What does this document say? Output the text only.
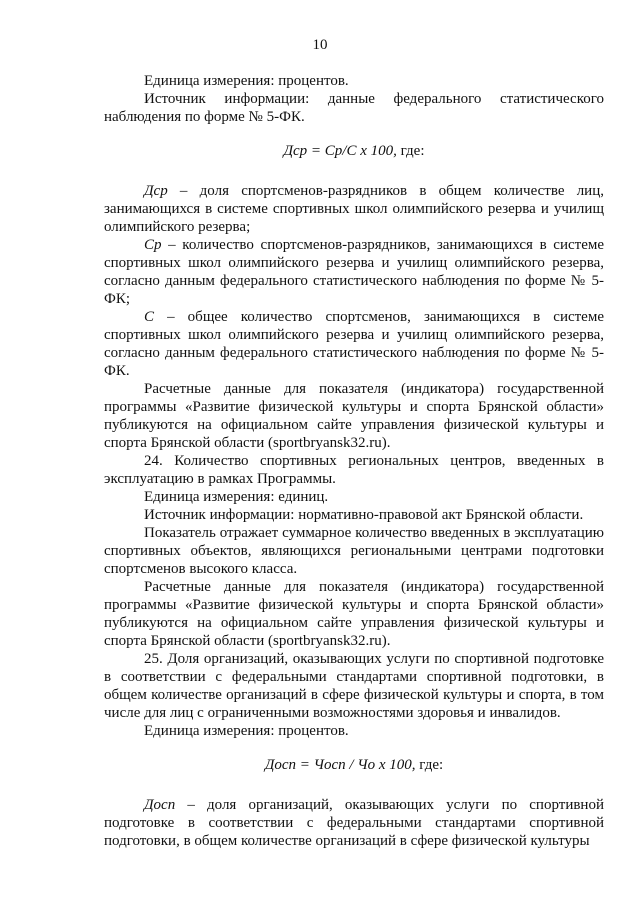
10

Единица измерения: процентов.

Источник информации: данные федерального статистического наблюдения по форме № 5-ФК.

Дср = Ср/С х 100, где:

Дср – доля спортсменов-разрядников в общем количестве лиц, занимающихся в системе спортивных школ олимпийского резерва и училищ олимпийского резерва;

Ср – количество спортсменов-разрядников, занимающихся в системе спортивных школ олимпийского резерва и училищ олимпийского резерва, согласно данным федерального статистического наблюдения по форме № 5-ФК;

С – общее количество спортсменов, занимающихся в системе спортивных школ олимпийского резерва и училищ олимпийского резерва, согласно данным федерального статистического наблюдения по форме № 5-ФК.

Расчетные данные для показателя (индикатора) государственной программы «Развитие физической культуры и спорта Брянской области» публикуются на официальном сайте управления физической культуры и спорта Брянской области (sportbryansk32.ru).

24. Количество спортивных региональных центров, введенных в эксплуатацию в рамках Программы.

Единица измерения: единиц.

Источник информации: нормативно-правовой акт Брянской области.

Показатель отражает суммарное количество введенных в эксплуатацию спортивных объектов, являющихся региональными центрами подготовки спортсменов высокого класса.

Расчетные данные для показателя (индикатора) государственной программы «Развитие физической культуры и спорта Брянской области» публикуются на официальном сайте управления физической культуры и спорта Брянской области (sportbryansk32.ru).

25. Доля организаций, оказывающих услуги по спортивной подготовке в соответствии с федеральными стандартами спортивной подготовки, в общем количестве организаций в сфере физической культуры и спорта, в том числе для лиц с ограниченными возможностями здоровья и инвалидов.

Единица измерения: процентов.

Досп = Чосп / Чо х 100, где:

Досп – доля организаций, оказывающих услуги по спортивной подготовке в соответствии с федеральными стандартами спортивной подготовки, в общем количестве организаций в сфере физической культуры
